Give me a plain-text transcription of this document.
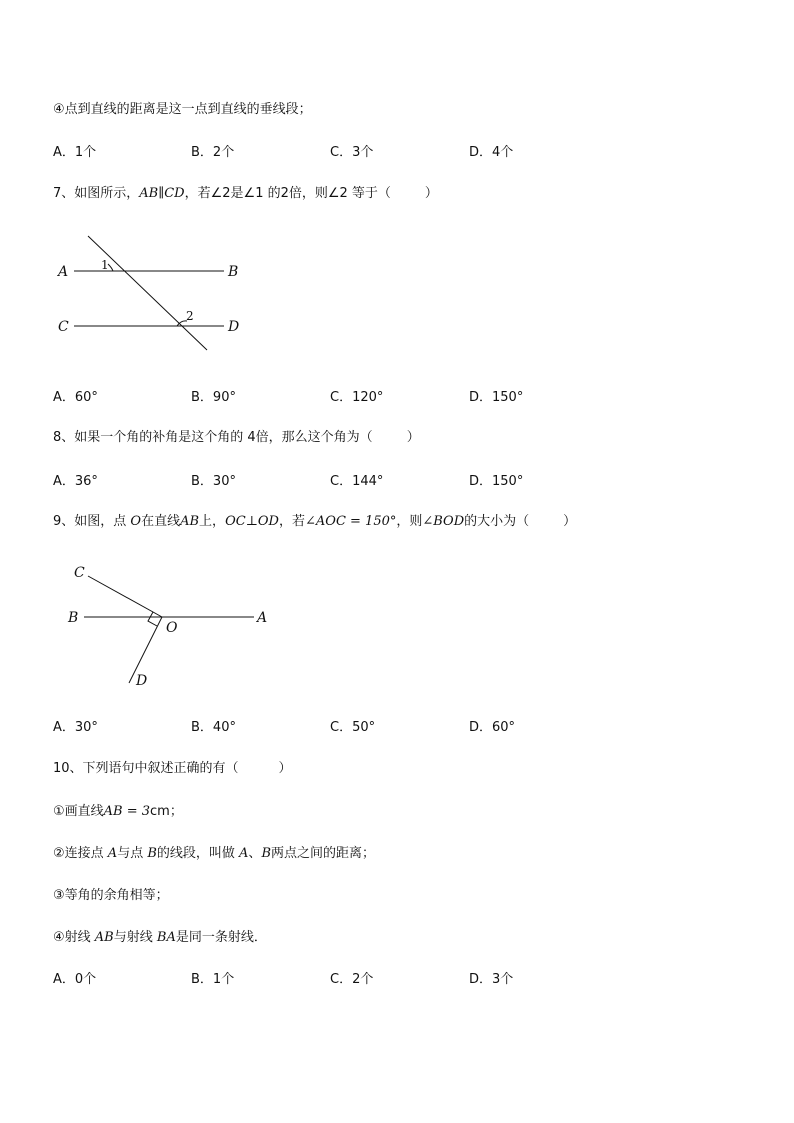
④点到直线的距离是这一点到直线的垂线段；
A．1个	B．2个	C．3个	D．4个
7、如图所示，AB∥CD，若∠2是∠1 的2倍，则∠2 等于（	）
A	B
C	D
1
2
A．60°	B．90°	C．120°	D．150°
8、如果一个角的补角是这个角的 4倍，那么这个角为（	）
A．36°	B．30°	C．144°	D．150°
9、如图，点 O在直线AB上，OC⊥OD，若∠AOC = 150°，则∠BOD的大小为（	）
C
B
O
A
D
A．30°	B．40°	C．50°	D．60°
10、下列语句中叙述正确的有（	）
①画直线AB = 3cm；
②连接点 A与点 B的线段，叫做 A、B两点之间的距离；
③等角的余角相等；
④射线 AB与射线 BA是同一条射线．
A．0个	B．1个	C．2个	D．3个
